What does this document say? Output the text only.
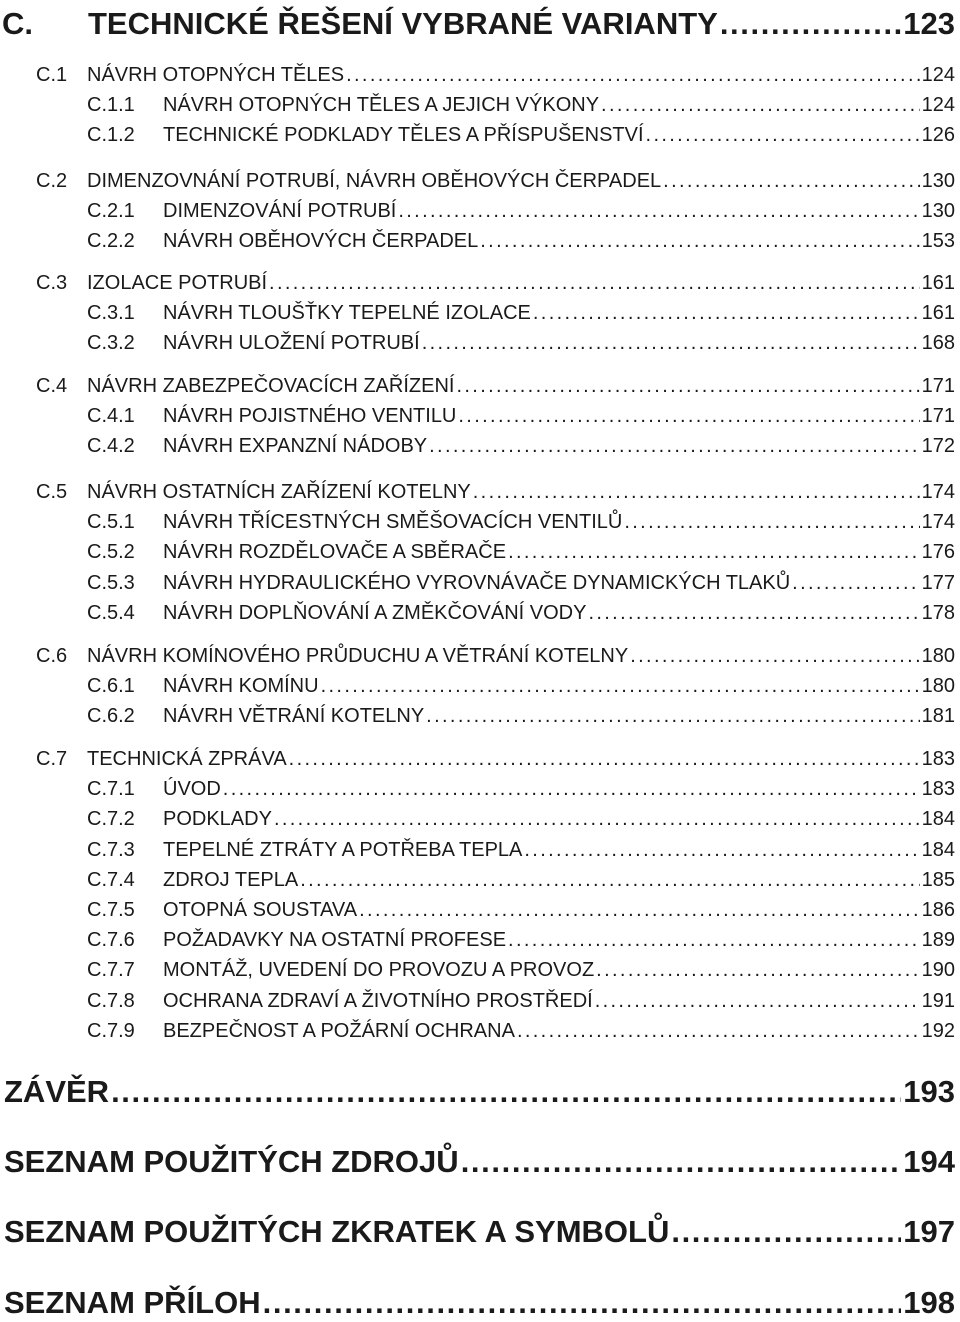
C.	TECHNICKÉ ŘEŠENÍ VYBRANÉ VARIANTY . . .	123
C.1 NÁVRH OTOPNÝCH TĚLES . . .	124
C.1.1	NÁVRH OTOPNÝCH TĚLES A JEJICH VÝKONY . . .	124
C.1.2	TECHNICKÉ PODKLADY TĚLES A PŘÍSPUŠENSTVÍ . . .	126
C.2 DIMENZOVNÁNÍ POTRUBÍ, NÁVRH OBĚHOVÝCH ČERPADEL . . .	130
C.2.1	DIMENZOVÁNÍ POTRUBÍ . . .	130
C.2.2	NÁVRH OBĚHOVÝCH ČERPADEL . . .	153
C.3 IZOLACE POTRUBÍ . . .	161
C.3.1	NÁVRH TLOUŠŤKY TEPELNÉ IZOLACE . . .	161
C.3.2	NÁVRH ULOŽENÍ POTRUBÍ . . .	168
C.4 NÁVRH ZABEZPEČOVACÍCH ZAŘÍZENÍ . . .	171
C.4.1	NÁVRH POJISTNÉHO VENTILU . . .	171
C.4.2	NÁVRH EXPANZNÍ NÁDOBY . . .	172
C.5 NÁVRH OSTATNÍCH ZAŘÍZENÍ KOTELNY . . .	174
C.5.1	NÁVRH TŘÍCESTNÝCH SMĚŠOVACÍCH VENTILŮ . . .	174
C.5.2	NÁVRH ROZDĚLOVAČE A SBĚRAČE . . .	176
C.5.3	NÁVRH HYDRAULICKÉHO VYROVNÁVAČE DYNAMICKÝCH TLAKŮ . . .	177
C.5.4	NÁVRH DOPLŇOVÁNÍ A ZMĚKČOVÁNÍ VODY . . .	178
C.6 NÁVRH KOMÍNOVÉHO PRŮDUCHU A VĚTRÁNÍ KOTELNY . . .	180
C.6.1	NÁVRH KOMÍNU . . .	180
C.6.2	NÁVRH VĚTRÁNÍ KOTELNY . . .	181
C.7 TECHNICKÁ ZPRÁVA . . .	183
C.7.1	ÚVOD . . .	183
C.7.2	PODKLADY . . .	184
C.7.3	TEPELNÉ ZTRÁTY A POTŘEBA TEPLA . . .	184
C.7.4	ZDROJ TEPLA . . .	185
C.7.5	OTOPNÁ SOUSTAVA . . .	186
C.7.6	POŽADAVKY NA OSTATNÍ PROFESE . . .	189
C.7.7	MONTÁŽ, UVEDENÍ DO PROVOZU A PROVOZ . . .	190
C.7.8	OCHRANA ZDRAVÍ A ŽIVOTNÍHO PROSTŘEDÍ . . .	191
C.7.9	BEZPEČNOST A POŽÁRNÍ OCHRANA . . .	192
ZÁVĚR . . .	193
SEZNAM POUŽITÝCH ZDROJŮ . . .	194
SEZNAM POUŽITÝCH ZKRATEK A SYMBOLŮ . . .	197
SEZNAM PŘÍLOH . . .	198
